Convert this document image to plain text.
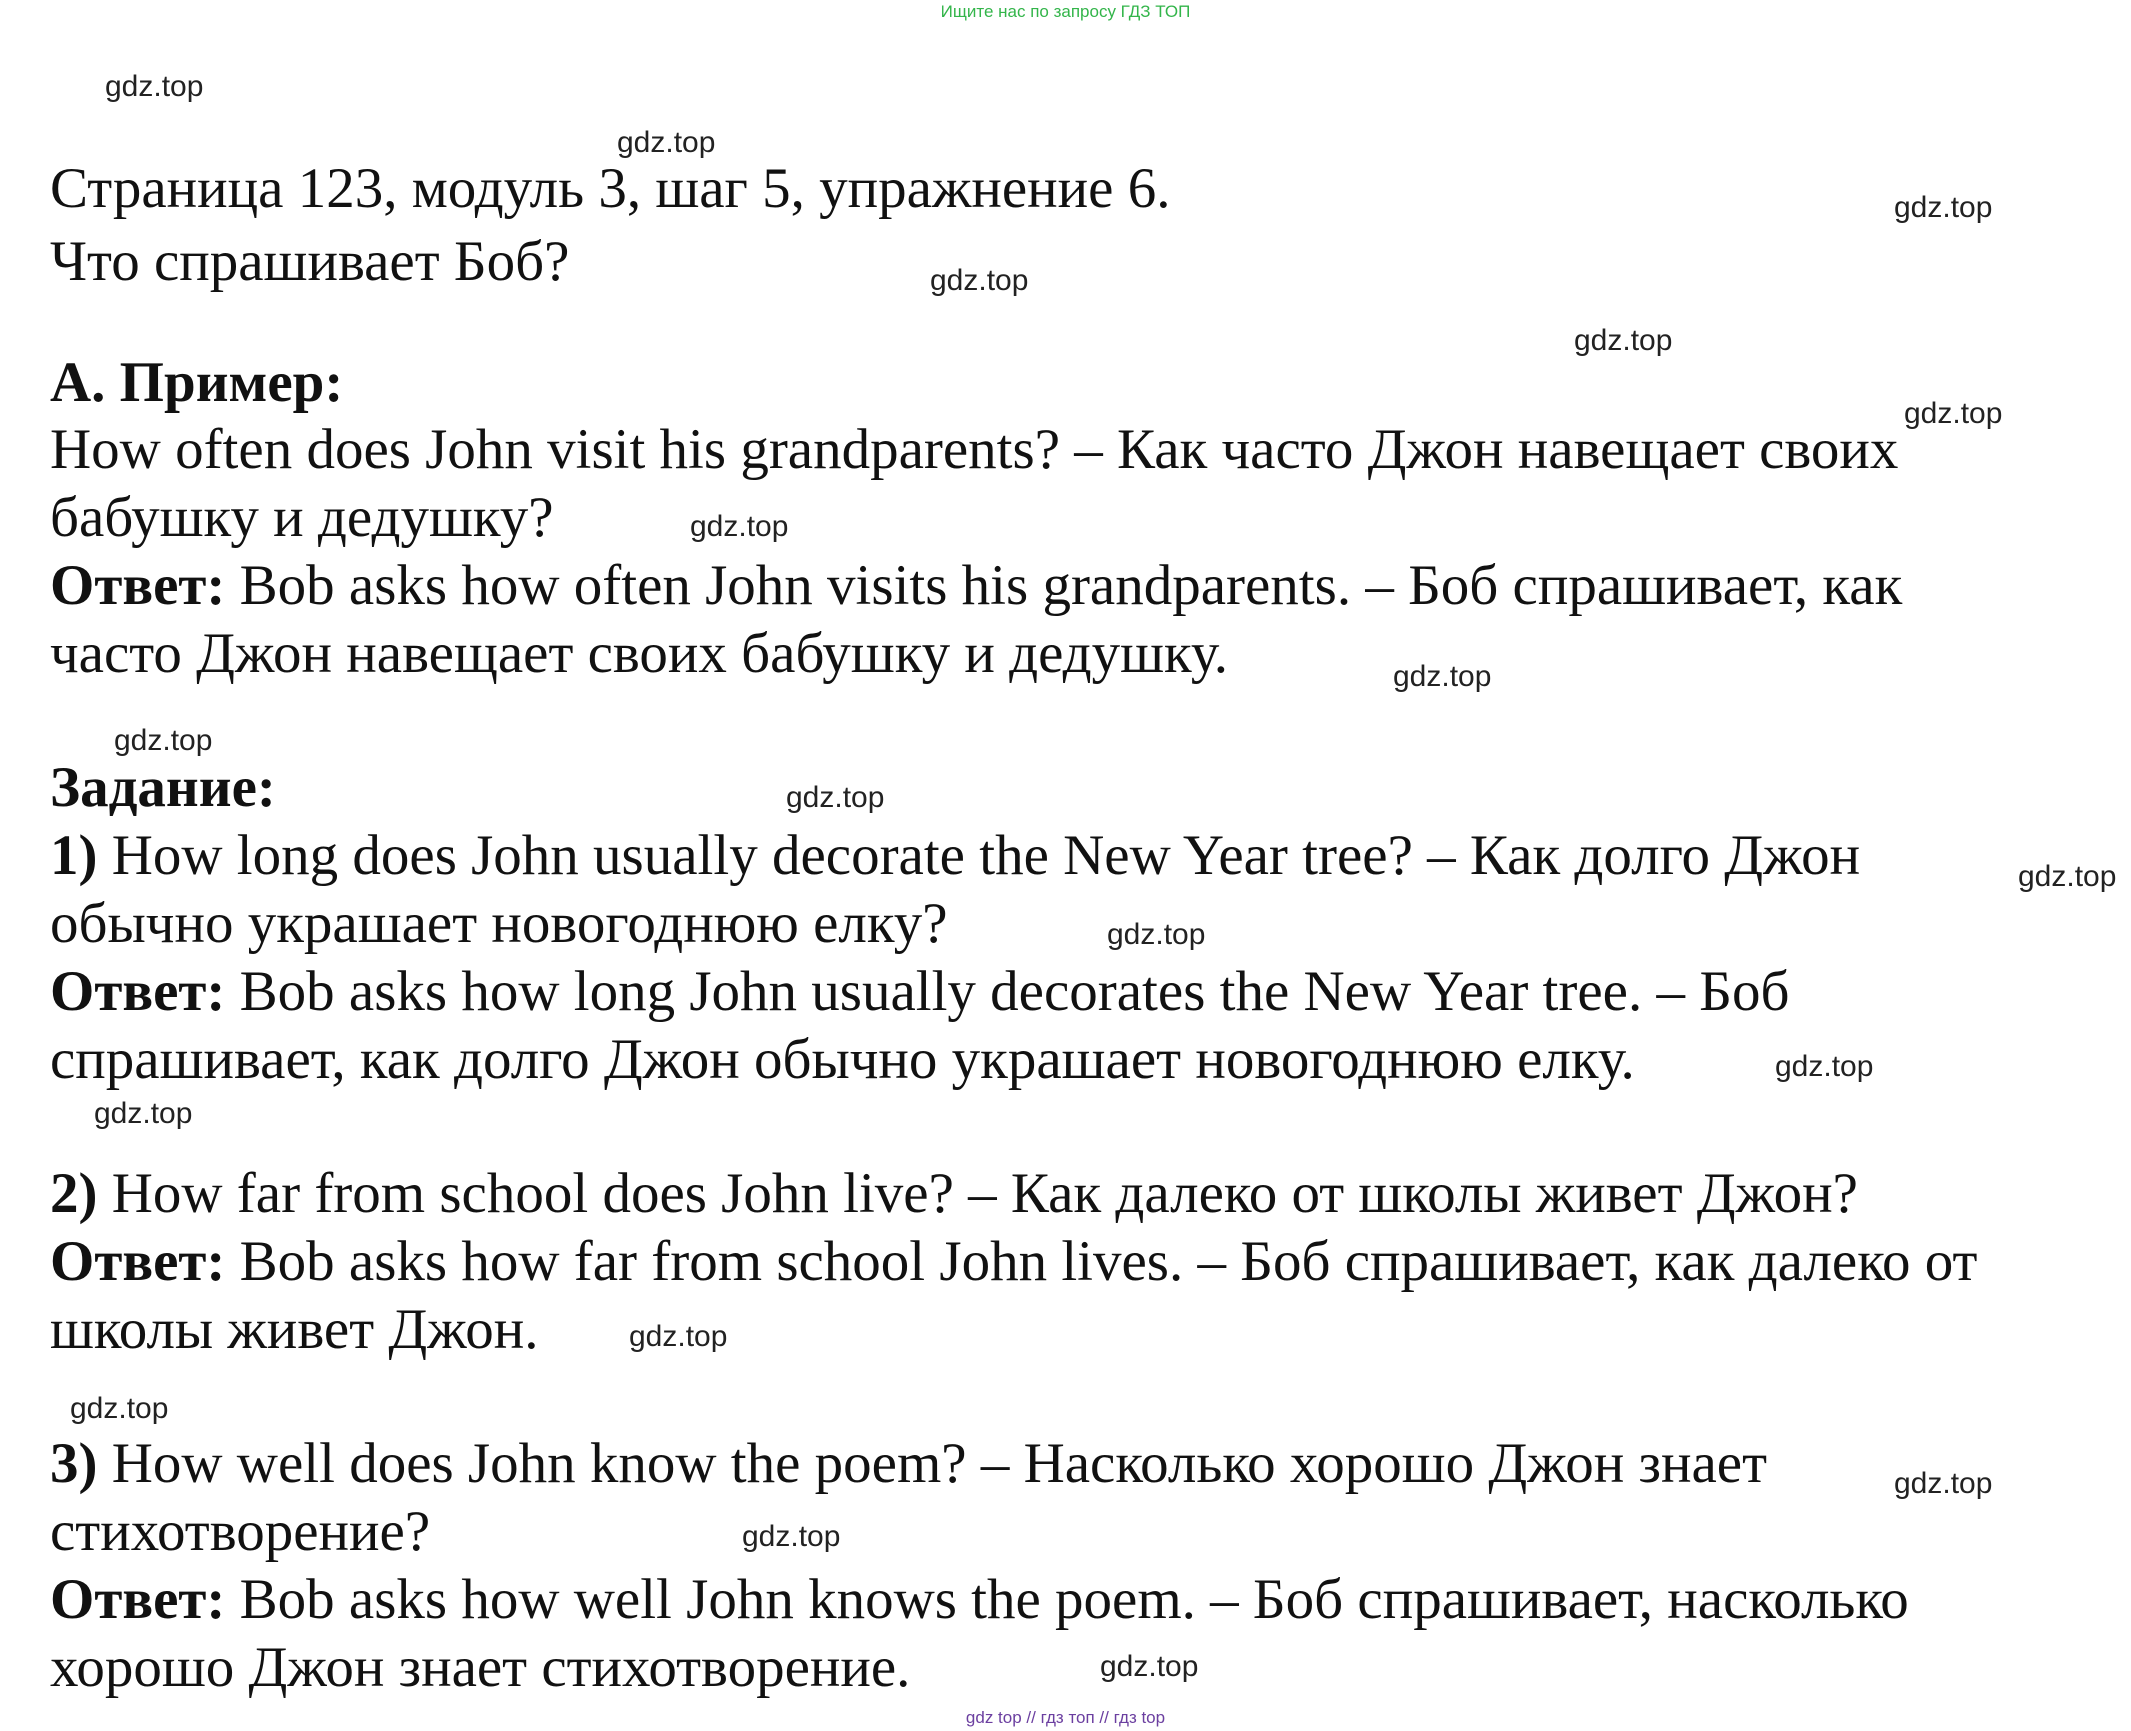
Ищите нас по запросу ГДЗ ТОП
gdz.top
gdz.top
gdz.top
gdz.top
gdz.top
gdz.top
gdz.top
gdz.top
gdz.top
gdz.top
gdz.top
gdz.top
gdz.top
gdz.top
gdz.top
gdz.top
gdz.top
gdz.top
gdz.top
Страница 123, модуль 3, шаг 5, упражнение 6.
Что спрашивает Боб?
A. Пример:
How often does John visit his grandparents? – Как часто Джон навещает своих
бабушку и дедушку?
Ответ: Bob asks how often John visits his grandparents. – Боб спрашивает, как
часто Джон навещает своих бабушку и дедушку.
Задание:
1) How long does John usually decorate the New Year tree? – Как долго Джон
обычно украшает новогоднюю елку?
Ответ: Bob asks how long John usually decorates the New Year tree. – Боб
спрашивает, как долго Джон обычно украшает новогоднюю елку.
2) How far from school does John live? – Как далеко от школы живет Джон?
Ответ: Bob asks how far from school John lives. – Боб спрашивает, как далеко от
школы живет Джон.
3) How well does John know the poem? – Насколько хорошо Джон знает
стихотворение?
Ответ: Bob asks how well John knows the poem. – Боб спрашивает, насколько
хорошо Джон знает стихотворение.
gdz top // гдз топ // гдз top
